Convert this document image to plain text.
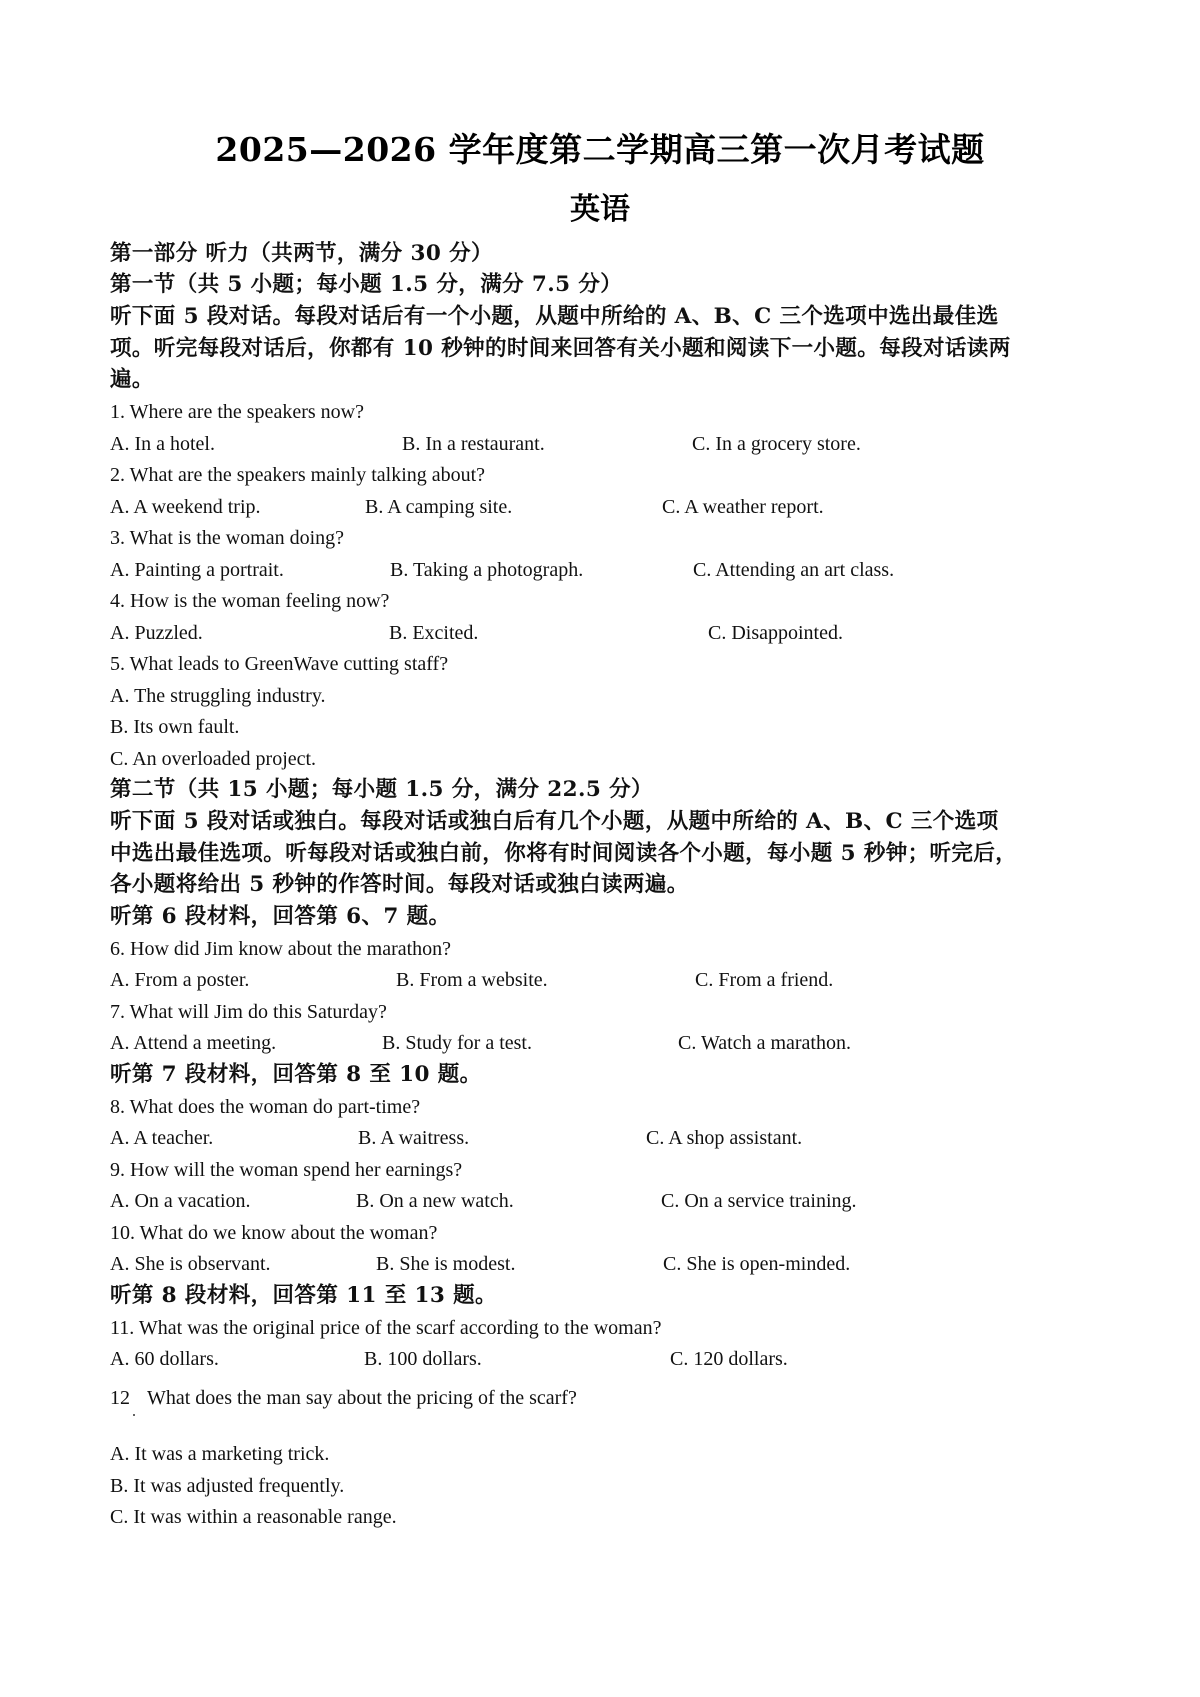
2025—2026 学年度第二学期高三第一次月考试题
英语
第一部分 听力（共两节，满分 30 分）
第一节（共 5 小题；每小题 1.5 分，满分 7.5 分）
听下面 5 段对话。每段对话后有一个小题，从题中所给的 A、B、C 三个选项中选出最佳选
项。听完每段对话后，你都有 10 秒钟的时间来回答有关小题和阅读下一小题。每段对话读两
遍。
1. Where are the speakers now?
A. In a hotel.	B. In a restaurant.	C. In a grocery store.
2. What are the speakers mainly talking about?
A. A weekend trip.	B. A camping site.	C. A weather report.
3. What is the woman doing?
A. Painting a portrait.	B. Taking a photograph.	C. Attending an art class.
4. How is the woman feeling now?
A. Puzzled.	B. Excited.	C. Disappointed.
5. What leads to GreenWave cutting staff?
A. The struggling industry.
B. Its own fault.
C. An overloaded project.
第二节（共 15 小题；每小题 1.5 分，满分 22.5 分）
听下面 5 段对话或独白。每段对话或独白后有几个小题，从题中所给的 A、B、C 三个选项
中选出最佳选项。听每段对话或独白前，你将有时间阅读各个小题，每小题 5 秒钟；听完后，
各小题将给出 5 秒钟的作答时间。每段对话或独白读两遍。
听第 6 段材料，回答第 6、7 题。
6. How did Jim know about the marathon?
A. From a poster.	B. From a website.	C. From a friend.
7. What will Jim do this Saturday?
A. Attend a meeting.	B. Study for a test.	C. Watch a marathon.
听第 7 段材料，回答第 8 至 10 题。
8. What does the woman do part-time?
A. A teacher.	B. A waitress.	C. A shop assistant.
9. How will the woman spend her earnings?
A. On a vacation.	B. On a new watch.	C. On a service training.
10. What do we know about the woman?
A. She is observant.	B. She is modest.	C. She is open-minded.
听第 8 段材料，回答第 11 至 13 题。
11. What was the original price of the scarf according to the woman?
A. 60 dollars.	B. 100 dollars.	C. 120 dollars.
12 What does the man say about the pricing of the scarf?
A. It was a marketing trick.
B. It was adjusted frequently.
C. It was within a reasonable range.
